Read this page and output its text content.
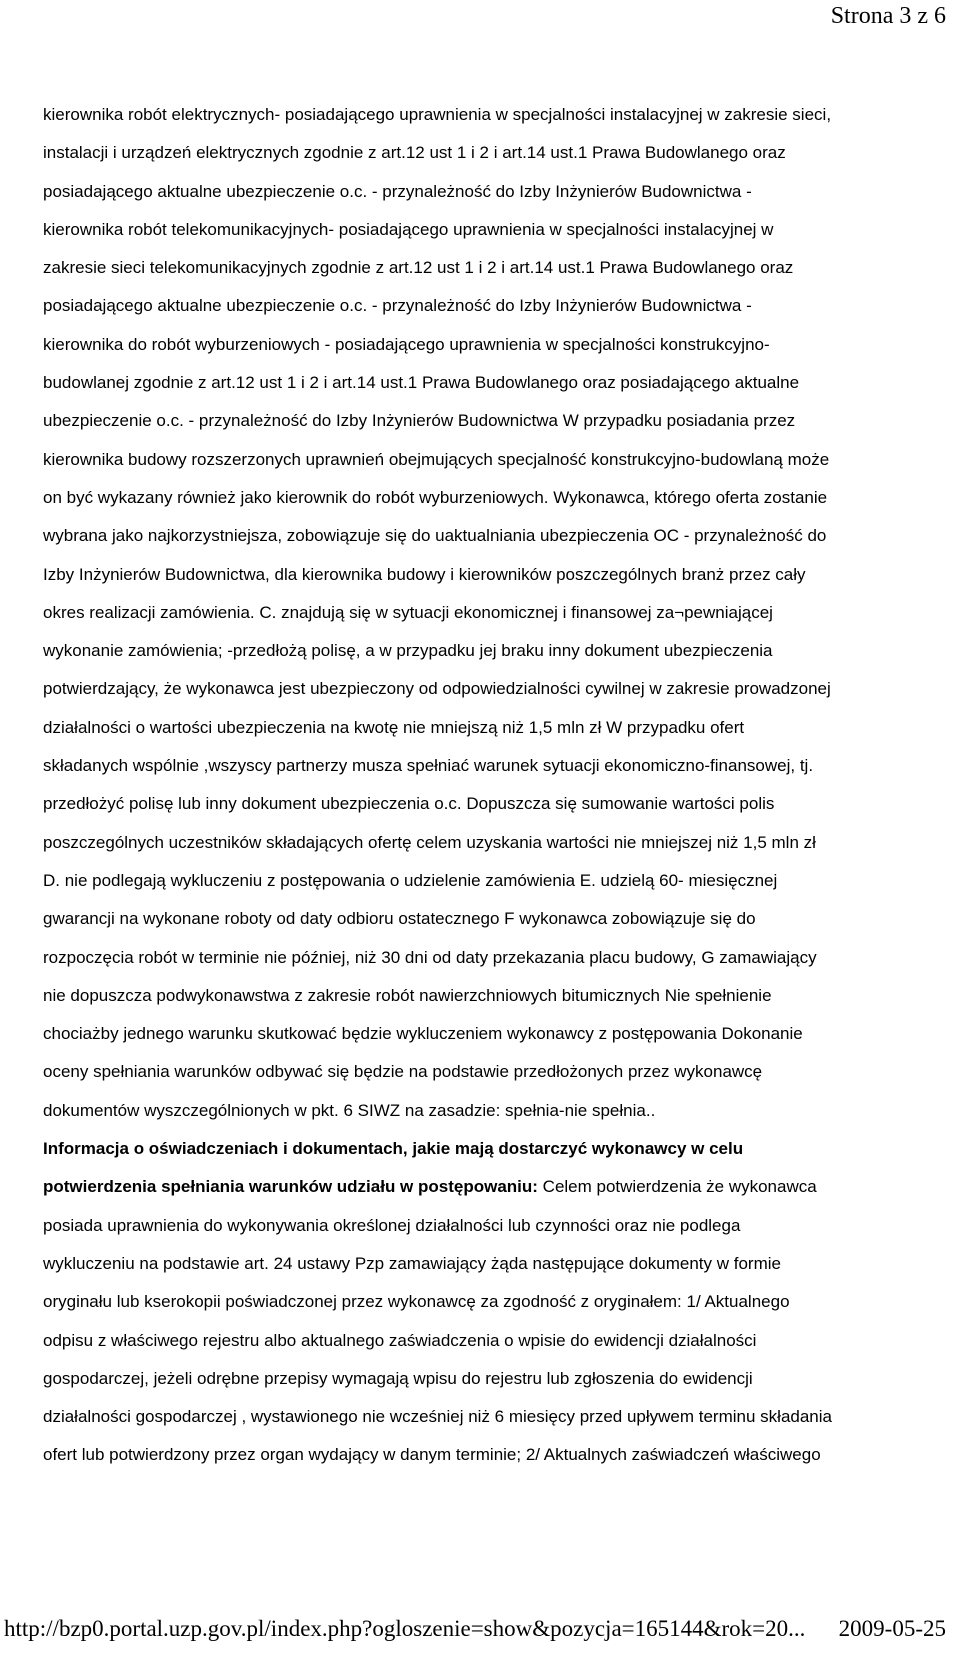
Strona 3 z 6
kierownika robót elektrycznych- posiadającego uprawnienia w specjalności instalacyjnej w zakresie sieci,
instalacji i urządzeń elektrycznych zgodnie z art.12 ust 1 i 2 i art.14 ust.1 Prawa Budowlanego oraz
posiadającego aktualne ubezpieczenie o.c. - przynależność do Izby Inżynierów Budownictwa -
kierownika robót telekomunikacyjnych- posiadającego uprawnienia w specjalności instalacyjnej w
zakresie sieci telekomunikacyjnych zgodnie z art.12 ust 1 i 2 i art.14 ust.1 Prawa Budowlanego oraz
posiadającego aktualne ubezpieczenie o.c. - przynależność do Izby Inżynierów Budownictwa -
kierownika do robót wyburzeniowych - posiadającego uprawnienia w specjalności konstrukcyjno-
budowlanej zgodnie z art.12 ust 1 i 2 i art.14 ust.1 Prawa Budowlanego oraz posiadającego aktualne
ubezpieczenie o.c. - przynależność do Izby Inżynierów Budownictwa W przypadku posiadania przez
kierownika budowy rozszerzonych uprawnień obejmujących specjalność konstrukcyjno-budowlaną może
on być wykazany również jako kierownik do robót wyburzeniowych. Wykonawca, którego oferta zostanie
wybrana jako najkorzystniejsza, zobowiązuje się do uaktualniania ubezpieczenia OC - przynależność do
Izby Inżynierów Budownictwa, dla kierownika budowy i kierowników poszczególnych branż przez cały
okres realizacji zamówienia. C. znajdują się w sytuacji ekonomicznej i finansowej za¬pewniającej
wykonanie zamówienia; -przedłożą polisę, a w przypadku jej braku inny dokument ubezpieczenia
potwierdzający, że wykonawca jest ubezpieczony od odpowiedzialności cywilnej w zakresie prowadzonej
działalności o wartości ubezpieczenia na kwotę nie mniejszą niż 1,5 mln zł W przypadku ofert
składanych wspólnie ,wszyscy partnerzy musza spełniać warunek sytuacji ekonomiczno-finansowej, tj.
przedłożyć polisę lub inny dokument ubezpieczenia o.c. Dopuszcza się sumowanie wartości polis
poszczególnych uczestników składających ofertę celem uzyskania wartości nie mniejszej niż 1,5 mln zł
D. nie podlegają wykluczeniu z postępowania o udzielenie zamówienia E. udzielą 60- miesięcznej
gwarancji na wykonane roboty od daty odbioru ostatecznego F wykonawca zobowiązuje się do
rozpoczęcia robót w terminie nie później, niż 30 dni od daty przekazania placu budowy, G zamawiający
nie dopuszcza podwykonawstwa z zakresie robót nawierzchniowych bitumicznych Nie spełnienie
chociażby jednego warunku skutkować będzie wykluczeniem wykonawcy z postępowania Dokonanie
oceny spełniania warunków odbywać się będzie na podstawie przedłożonych przez wykonawcę
dokumentów wyszczególnionych w pkt. 6 SIWZ na zasadzie: spełnia-nie spełnia..
Informacja o oświadczeniach i dokumentach, jakie mają dostarczyć wykonawcy w celu
potwierdzenia spełniania warunków udziału w postępowaniu: Celem potwierdzenia że wykonawca
posiada uprawnienia do wykonywania określonej działalności lub czynności oraz nie podlega
wykluczeniu na podstawie art. 24 ustawy Pzp zamawiający żąda następujące dokumenty w formie
oryginału lub kserokopii poświadczonej przez wykonawcę za zgodność z oryginałem: 1/ Aktualnego
odpisu z właściwego rejestru albo aktualnego zaświadczenia o wpisie do ewidencji działalności
gospodarczej, jeżeli odrębne przepisy wymagają wpisu do rejestru lub zgłoszenia do ewidencji
działalności gospodarczej , wystawionego nie wcześniej niż 6 miesięcy przed upływem terminu składania
ofert lub potwierdzony przez organ wydający w danym terminie; 2/ Aktualnych zaświadczeń właściwego
http://bzp0.portal.uzp.gov.pl/index.php?ogloszenie=show&pozycja=165144&rok=20... 2009-05-25
